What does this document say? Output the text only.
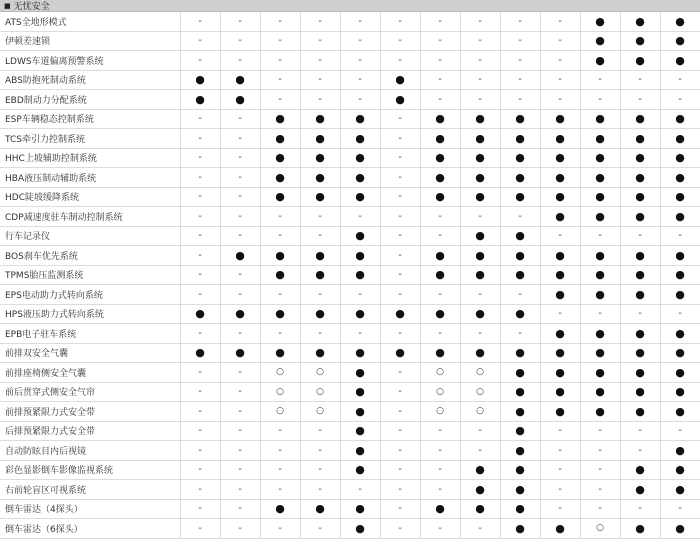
■ 无忧安全
ATS全地形模式	-	-	-	-	-	-	-	-	-	-	●	●	●
伊顿差速锁	-	-	-	-	-	-	-	-	-	-	●	●	●
LDWS车道偏离预警系统	-	-	-	-	-	-	-	-	-	-	●	●	●
ABS防抱死制动系统	●	●	-	-	-	●	-	-	-	-	-	-	-
EBD制动力分配系统	●	●	-	-	-	●	-	-	-	-	-	-	-
ESP车辆稳态控制系统	-	-	●	●	●	-	●	●	●	●	●	●	●
TCS牵引力控制系统	-	-	●	●	●	-	●	●	●	●	●	●	●
HHC上坡辅助控制系统	-	-	●	●	●	-	●	●	●	●	●	●	●
HBA液压制动辅助系统	-	-	●	●	●	-	●	●	●	●	●	●	●
HDC陡坡缓降系统	-	-	●	●	●	-	●	●	●	●	●	●	●
CDP减速度驻车制动控制系统	-	-	-	-	-	-	-	-	-	●	●	●	●
行车记录仪	-	-	-	-	●	-	-	●	●	-	-	-	-
BOS刹车优先系统	-	●	●	●	●	-	●	●	●	●	●	●	●
TPMS胎压监测系统	-	-	●	●	●	-	●	●	●	●	●	●	●
EPS电动助力式转向系统	-	-	-	-	-	-	-	-	-	●	●	●	●
HPS液压助力式转向系统	●	●	●	●	●	●	●	●	●	-	-	-	-
EPB电子驻车系统	-	-	-	-	-	-	-	-	-	●	●	●	●
前排双安全气囊	●	●	●	●	●	●	●	●	●	●	●	●	●
前排座椅侧安全气囊	-	-	○	○	●	-	○	○	●	●	●	●	●
前后贯穿式侧安全气帘	-	-	○	○	●	-	○	○	●	●	●	●	●
前排预紧限力式安全带	-	-	○	○	●	-	○	○	●	●	●	●	●
后排预紧限力式安全带	-	-	-	-	●	-	-	-	●	-	-	-	-
自动防眩目内后视镜	-	-	-	-	●	-	-	-	●	-	-	-	●
彩色显影倒车影像监视系统	-	-	-	-	●	-	-	●	●	-	-	●	●
右前轮盲区可视系统	-	-	-	-	-	-	-	●	●	-	-	●	●
倒车雷达（4探头）	-	-	●	●	●	-	●	●	●	-	-	-	-
倒车雷达（6探头）	-	-	-	-	●	-	-	-	●	●	○	●	●
